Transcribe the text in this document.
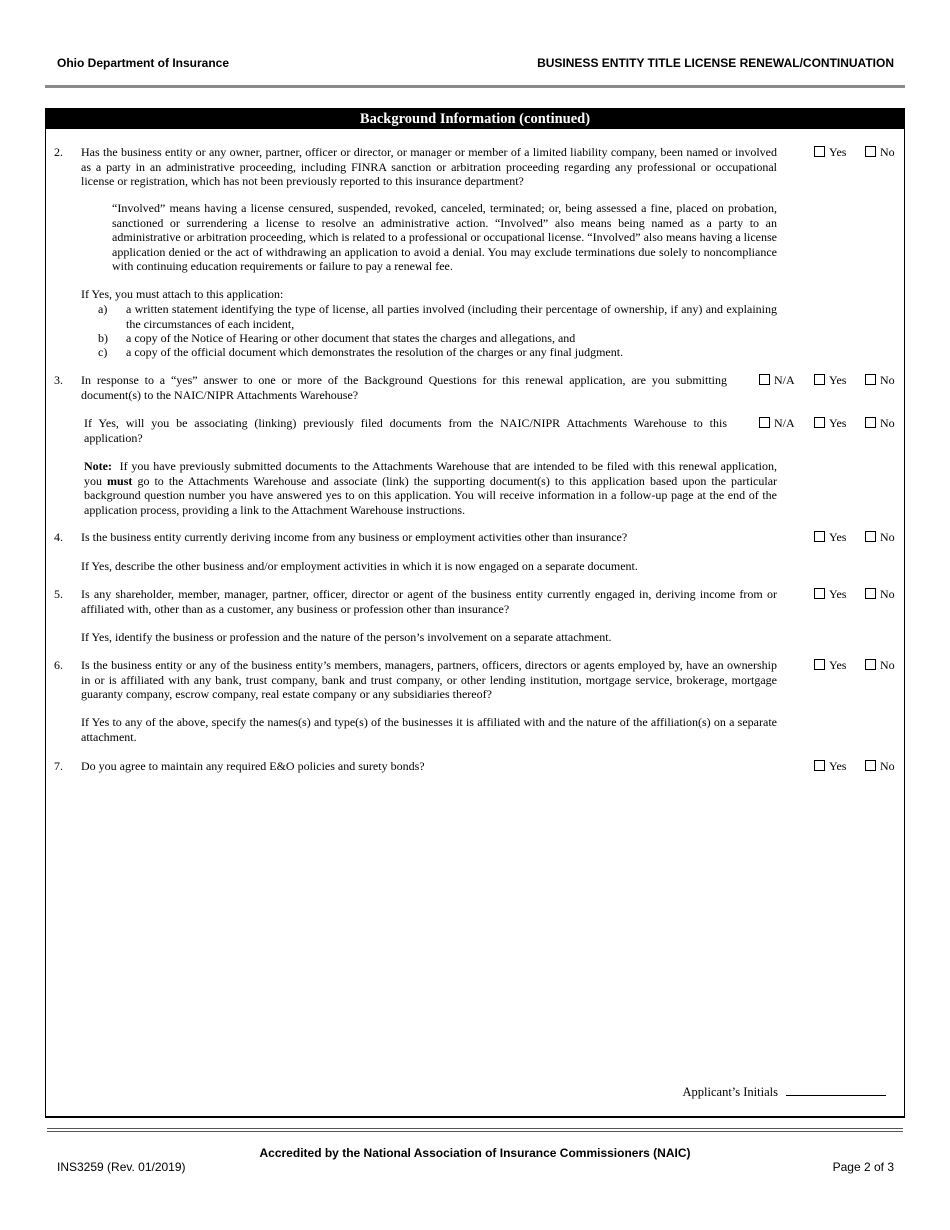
Ohio Department of Insurance	BUSINESS ENTITY TITLE LICENSE RENEWAL/CONTINUATION
Background Information (continued)
2. Has the business entity or any owner, partner, officer or director, or manager or member of a limited liability company, been named or involved as a party in an administrative proceeding, including FINRA sanction or arbitration proceeding regarding any professional or occupational license or registration, which has not been previously reported to this insurance department?
Yes	No
“Involved” means having a license censured, suspended, revoked, canceled, terminated; or, being assessed a fine, placed on probation, sanctioned or surrendering a license to resolve an administrative action. “Involved” also means being named as a party to an administrative or arbitration proceeding, which is related to a professional or occupational license. “Involved” also means having a license application denied or the act of withdrawing an application to avoid a denial. You may exclude terminations due solely to noncompliance with continuing education requirements or failure to pay a renewal fee.
If Yes, you must attach to this application:
a) a written statement identifying the type of license, all parties involved (including their percentage of ownership, if any) and explaining the circumstances of each incident,
b) a copy of the Notice of Hearing or other document that states the charges and allegations, and
c) a copy of the official document which demonstrates the resolution of the charges or any final judgment.
3. In response to a “yes” answer to one or more of the Background Questions for this renewal application, are you submitting document(s) to the NAIC/NIPR Attachments Warehouse?
N/A	Yes	No
If Yes, will you be associating (linking) previously filed documents from the NAIC/NIPR Attachments Warehouse to this application?
N/A	Yes	No
Note: If you have previously submitted documents to the Attachments Warehouse that are intended to be filed with this renewal application, you must go to the Attachments Warehouse and associate (link) the supporting document(s) to this application based upon the particular background question number you have answered yes to on this application. You will receive information in a follow-up page at the end of the application process, providing a link to the Attachment Warehouse instructions.
4. Is the business entity currently deriving income from any business or employment activities other than insurance?	Yes	No
If Yes, describe the other business and/or employment activities in which it is now engaged on a separate document.
5. Is any shareholder, member, manager, partner, officer, director or agent of the business entity currently engaged in, deriving income from or affiliated with, other than as a customer, any business or profession other than insurance?
Yes	No
If Yes, identify the business or profession and the nature of the person’s involvement on a separate attachment.
6. Is the business entity or any of the business entity’s members, managers, partners, officers, directors or agents employed by, have an ownership in or is affiliated with any bank, trust company, bank and trust company, or other lending institution, mortgage service, brokerage, mortgage guaranty company, escrow company, real estate company or any subsidiaries thereof?
Yes	No
If Yes to any of the above, specify the names(s) and type(s) of the businesses it is affiliated with and the nature of the affiliation(s) on a separate attachment.
7. Do you agree to maintain any required E&O policies and surety bonds?	Yes	No
Applicant’s Initials
Accredited by the National Association of Insurance Commissioners (NAIC)
INS3259 (Rev. 01/2019)	Page 2 of 3
